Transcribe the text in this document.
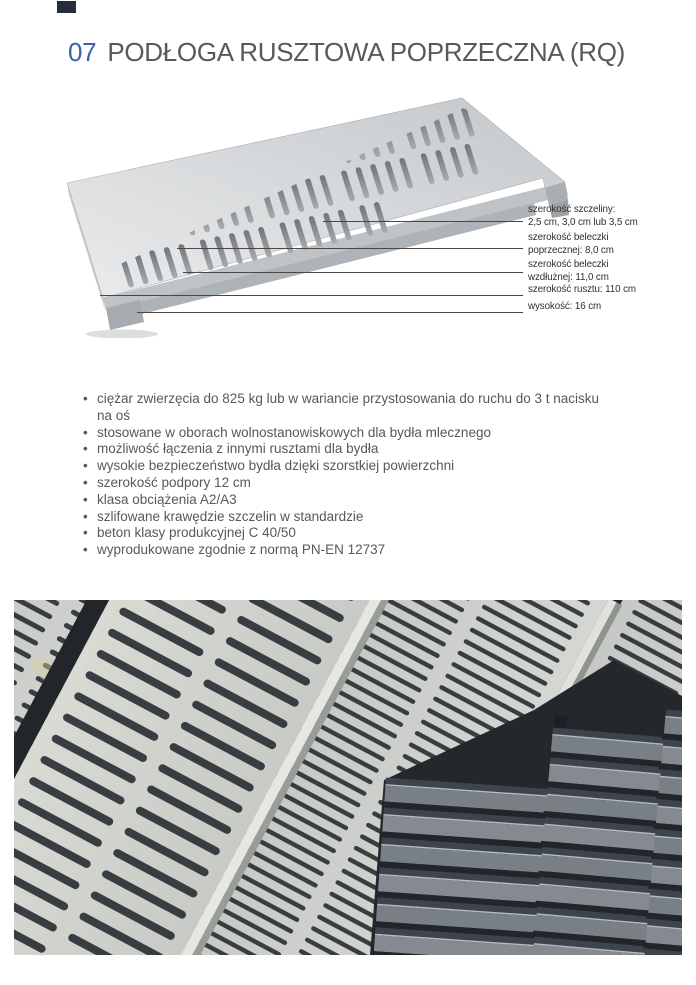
07 PODŁOGA RUSZTOWA POPRZECZNA (RQ)
szerokość szczeliny:
2,5 cm, 3,0 cm lub 3,5 cm
szerokość beleczki
poprzecznej: 8,0 cm
szerokość beleczki
wzdłużnej: 11,0 cm
szerokość rusztu: 110 cm
wysokość: 16 cm
• ciężar zwierzęcia do 825 kg lub w wariancie przystosowania do ruchu do 3 t nacisku na oś
• stosowane w oborach wolnostanowiskowych dla bydła mlecznego
• możliwość łączenia z innymi rusztami dla bydła
• wysokie bezpieczeństwo bydła dzięki szorstkiej powierzchni
• szerokość podpory 12 cm
• klasa obciążenia A2/A3
• szlifowane krawędzie szczelin w standardzie
• beton klasy produkcyjnej C 40/50
• wyprodukowane zgodnie z normą PN-EN 12737
